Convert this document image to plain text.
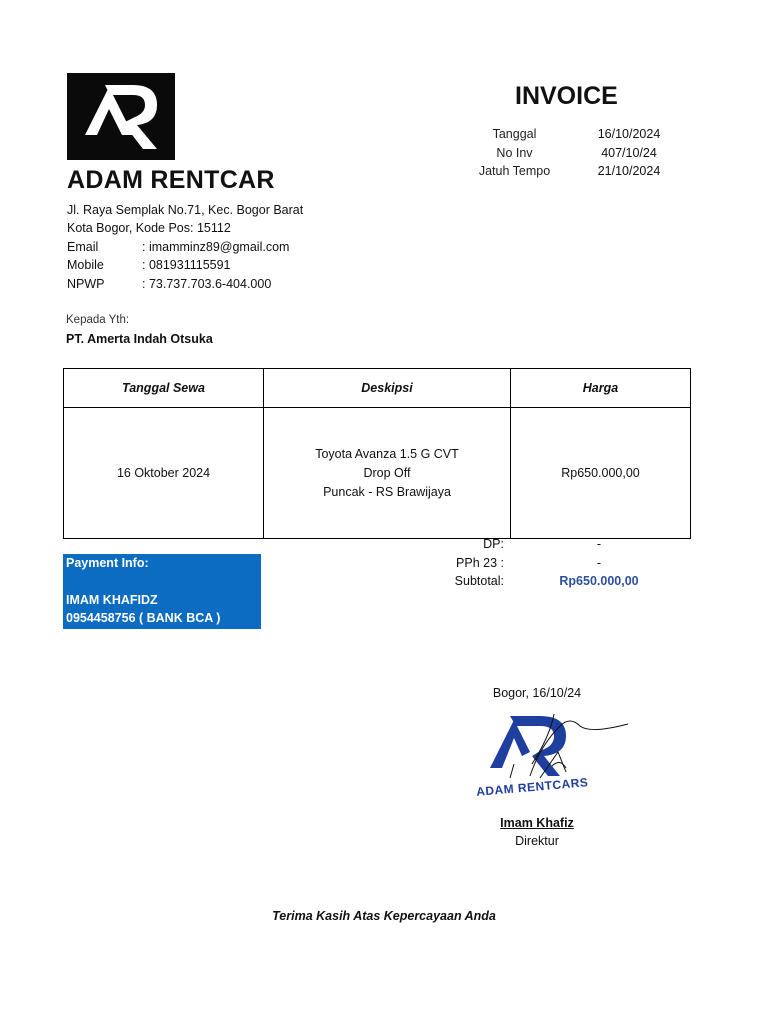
ADAM RENTCAR
Jl. Raya Semplak No.71, Kec. Bogor Barat
Kota Bogor, Kode Pos: 15112
Email	: imamminz89@gmail.com
Mobile	: 081931115591
NPWP	: 73.737.703.6-404.000
INVOICE
Tanggal	16/10/2024
No Inv	407/10/24
Jatuh Tempo	21/10/2024
Kepada Yth:
PT. Amerta Indah Otsuka
Tanggal Sewa	Deskipsi	Harga
16 Oktober 2024	Toyota Avanza 1.5 G CVT
Drop Off
Puncak - RS Brawijaya	Rp650.000,00
DP:	-
PPh 23 :	-
Subtotal:	Rp650.000,00
Payment Info:
IMAM KHAFIDZ
0954458756 ( BANK BCA )
Bogor, 16/10/24
ADAM RENTCARS
Imam Khafiz
Direktur
Terima Kasih Atas Kepercayaan Anda
